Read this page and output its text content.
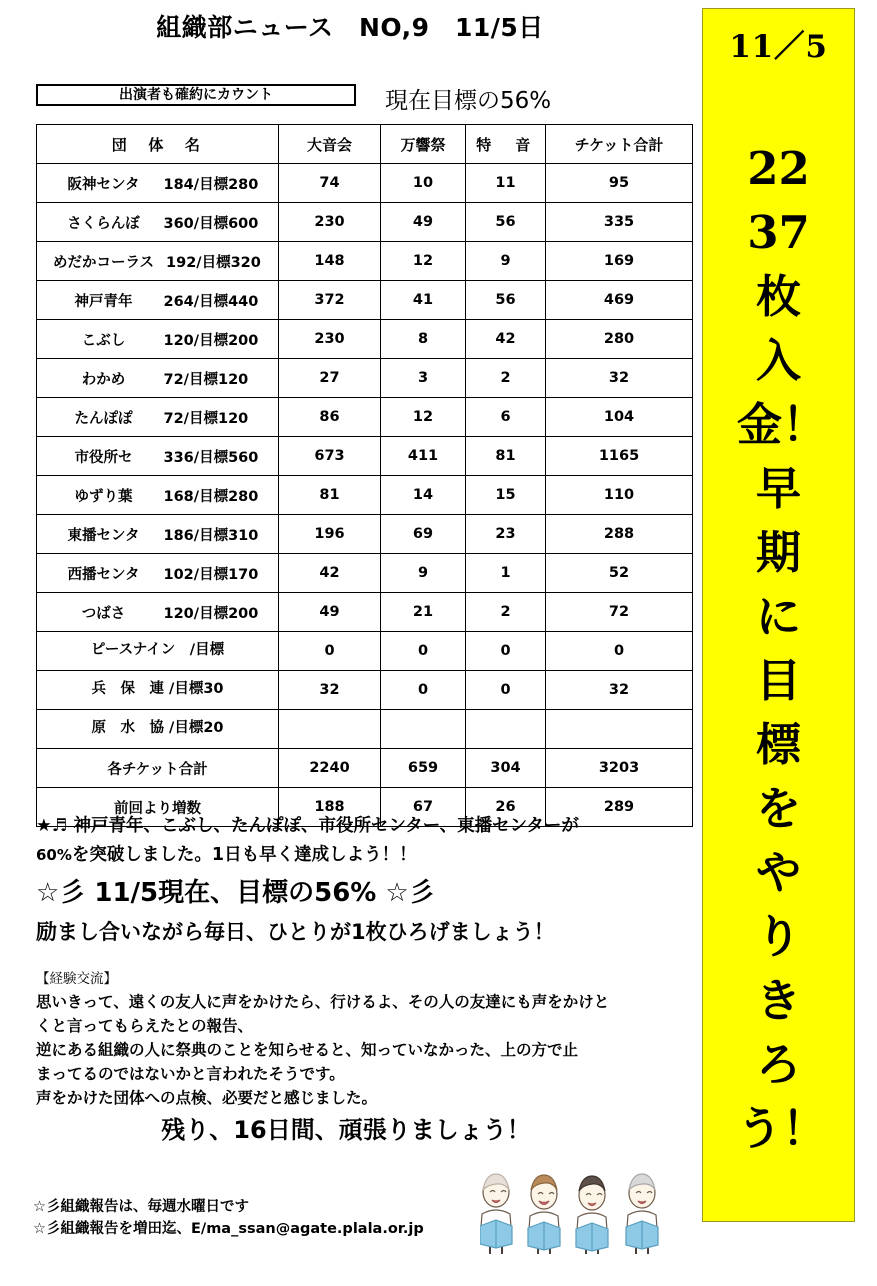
組織部ニュース　NO,9　11/5日
出演者も確約にカウント	現在目標の56%
団　体　名	大音会	万響祭	特　音	チケット合計

阪神センタ 184/目標280	74	10	11	95

さくらんぼ 360/目標600	230	49	56	335

めだかコーラス 192/目標320	148	12	9	169

神戸青年 264/目標440	372	41	56	469

こぶし 120/目標200	230	8	42	280

わかめ 72/目標120	27	3	2	32

たんぽぽ 72/目標120	86	12	6	104

市役所セ 336/目標560	673	411	81	1165

ゆずり葉 168/目標280	81	14	15	110

東播センタ 186/目標310	196	69	23	288

西播センタ 102/目標170	42	9	1	52

つばさ 120/目標200	49	21	2	72

ピースナイン　/目標	0	0	0	0

兵　保　連 /目標30	32	0	0	32

原　水　協 /目標20				

各チケット合計	2240	659	304	3203
前回より増数	188	67	26	289
★♬ 神戸青年、こぶし、たんぽぽ、市役所センター、東播センターが
60%を突破しました。1日も早く達成しよう！！
☆彡 11/5現在、目標の56% ☆彡
励まし合いながら毎日、ひとりが1枚ひろげましょう！
【経験交流】
思いきって、遠くの友人に声をかけたら、行けるよ、その人の友達にも声をかけと
くと言ってもらえたとの報告、
逆にある組織の人に祭典のことを知らせると、知っていなかった、上の方で止
まってるのではないかと言われたそうです。
声をかけた団体への点検、必要だと感じました。
残り、16日間、頑張りましょう！
☆彡組織報告は、毎週水曜日です
☆彡組織報告を増田迄、E/ma_ssan@agate.plala.or.jp
11／5
2237枚入金！早期に目標をやりきろう！
